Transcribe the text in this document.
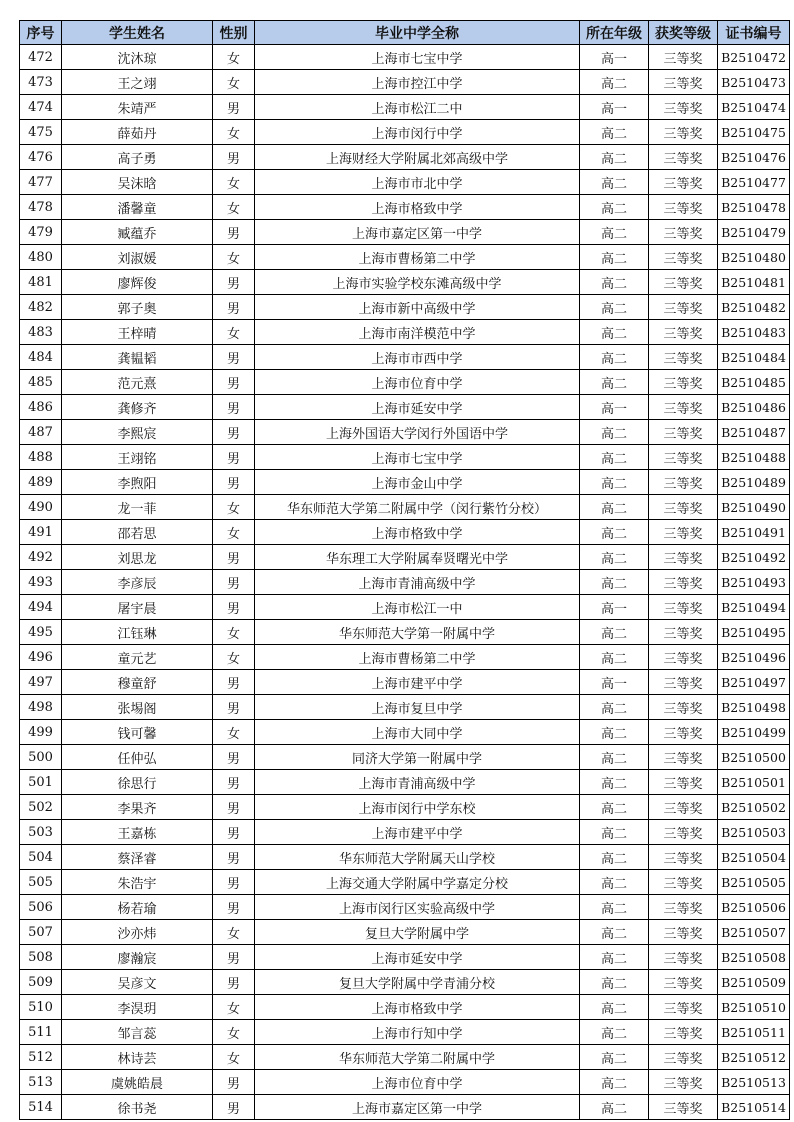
序号	学生姓名	性别	毕业中学全称	所在年级	获奖等级	证书编号
472	沈沐琼	女	上海市七宝中学	高一	三等奖	B2510472
473	王之翊	女	上海市控江中学	高二	三等奖	B2510473
474	朱靖严	男	上海市松江二中	高一	三等奖	B2510474
475	薛茹丹	女	上海市闵行中学	高二	三等奖	B2510475
476	高子勇	男	上海财经大学附属北郊高级中学	高二	三等奖	B2510476
477	吴沫晗	女	上海市市北中学	高二	三等奖	B2510477
478	潘馨童	女	上海市格致中学	高二	三等奖	B2510478
479	臧蕴乔	男	上海市嘉定区第一中学	高二	三等奖	B2510479
480	刘淑媛	女	上海市曹杨第二中学	高二	三等奖	B2510480
481	廖辉俊	男	上海市实验学校东滩高级中学	高二	三等奖	B2510481
482	郭子奥	男	上海市新中高级中学	高二	三等奖	B2510482
483	王梓晴	女	上海市南洋模范中学	高二	三等奖	B2510483
484	龚韫韬	男	上海市市西中学	高二	三等奖	B2510484
485	范元熹	男	上海市位育中学	高二	三等奖	B2510485
486	龚修齐	男	上海市延安中学	高一	三等奖	B2510486
487	李熙宸	男	上海外国语大学闵行外国语中学	高二	三等奖	B2510487
488	王翊铭	男	上海市七宝中学	高二	三等奖	B2510488
489	李煦阳	男	上海市金山中学	高二	三等奖	B2510489
490	龙一菲	女	华东师范大学第二附属中学（闵行紫竹分校）	高二	三等奖	B2510490
491	邵若思	女	上海市格致中学	高二	三等奖	B2510491
492	刘思龙	男	华东理工大学附属奉贤曙光中学	高二	三等奖	B2510492
493	李彦辰	男	上海市青浦高级中学	高二	三等奖	B2510493
494	屠宇晨	男	上海市松江一中	高一	三等奖	B2510494
495	江钰琳	女	华东师范大学第一附属中学	高二	三等奖	B2510495
496	童元艺	女	上海市曹杨第二中学	高二	三等奖	B2510496
497	穆童舒	男	上海市建平中学	高一	三等奖	B2510497
498	张埸阁	男	上海市复旦中学	高二	三等奖	B2510498
499	钱可馨	女	上海市大同中学	高二	三等奖	B2510499
500	任仲弘	男	同济大学第一附属中学	高二	三等奖	B2510500
501	徐思行	男	上海市青浦高级中学	高二	三等奖	B2510501
502	李果齐	男	上海市闵行中学东校	高二	三等奖	B2510502
503	王嘉栋	男	上海市建平中学	高二	三等奖	B2510503
504	蔡泽睿	男	华东师范大学附属天山学校	高二	三等奖	B2510504
505	朱浩宇	男	上海交通大学附属中学嘉定分校	高二	三等奖	B2510505
506	杨若瑜	男	上海市闵行区实验高级中学	高二	三等奖	B2510506
507	沙亦炜	女	复旦大学附属中学	高二	三等奖	B2510507
508	廖瀚宸	男	上海市延安中学	高二	三等奖	B2510508
509	吴彦文	男	复旦大学附属中学青浦分校	高二	三等奖	B2510509
510	李淏玥	女	上海市格致中学	高二	三等奖	B2510510
511	邹言蕊	女	上海市行知中学	高二	三等奖	B2510511
512	林诗芸	女	华东师范大学第二附属中学	高二	三等奖	B2510512
513	虞姚皓晨	男	上海市位育中学	高二	三等奖	B2510513
514	徐书尧	男	上海市嘉定区第一中学	高二	三等奖	B2510514
